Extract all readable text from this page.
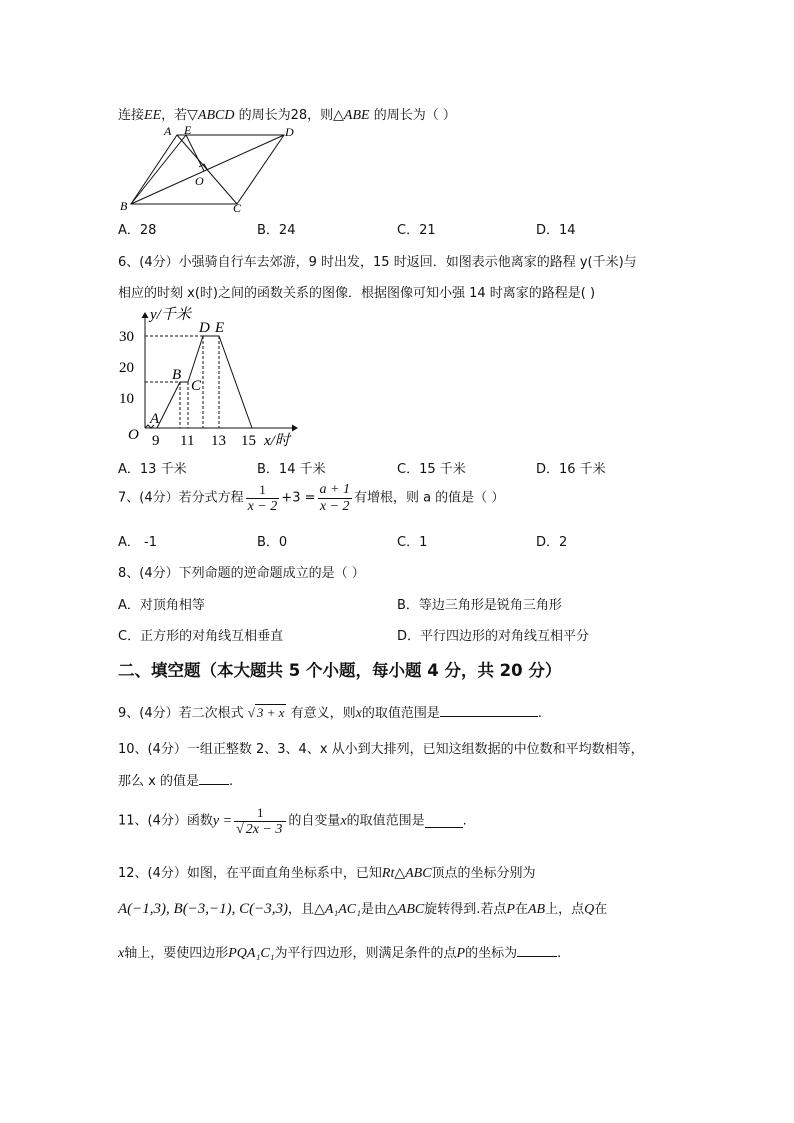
连接EE，若▽ABCD 的周长为28，则△ABE 的周长为（ ）
A E	D
O
B	C
A．28	B．24	C．21	D．14
6、(4分）小强骑自行车去郊游，9 时出发，15 时返回．如图表示他离家的路程 y(千米)与
相应的时刻 x(时)之间的函数关系的图像．根据图像可知小强 14 时离家的路程是( )
y/千米
30
20
10
O 9 11 13 15 x/时
A
B
C
D E
A．13 千米	B．14 千米	C．15 千米	D．16 千米
7、(4分）若分式方程 $\frac{1}{x - 2} +3 = \frac{a + 1}{x - 2}$ 有增根，则 a 的值是（ ）
A． -1	B．0	C．1	D．2
8、(4分）下列命题的逆命题成立的是（ ）
A．对顶角相等	B．等边三角形是锐角三角形
C．正方形的对角线互相垂直	D．平行四边形的对角线互相平分
二、填空题（本大题共 5 个小题，每小题 4 分，共 20 分）
9、(4分）若二次根式 √ 3 + x 有意义，则x的取值范围是	.
10、(4分）一组正整数 2、3、4、x 从小到大排列，已知这组数据的中位数和平均数相等，
那么 x 的值是 .
11、(4分）函数$y = \frac{1}{√ 2x - 3}$ 的自变量x的取值范围是	.
12、(4分）如图，在平面直角坐标系中，已知Rt△ABC顶点的坐标分别为
A(−1,3), B(−3,−1), C(−3,3)，且△A₁AC₁是由△ABC旋转得到.若点P在AB上，点Q在
x轴上，要使四边形PQA₁C₁为平行四边形，则满足条件的点P的坐标为	.
